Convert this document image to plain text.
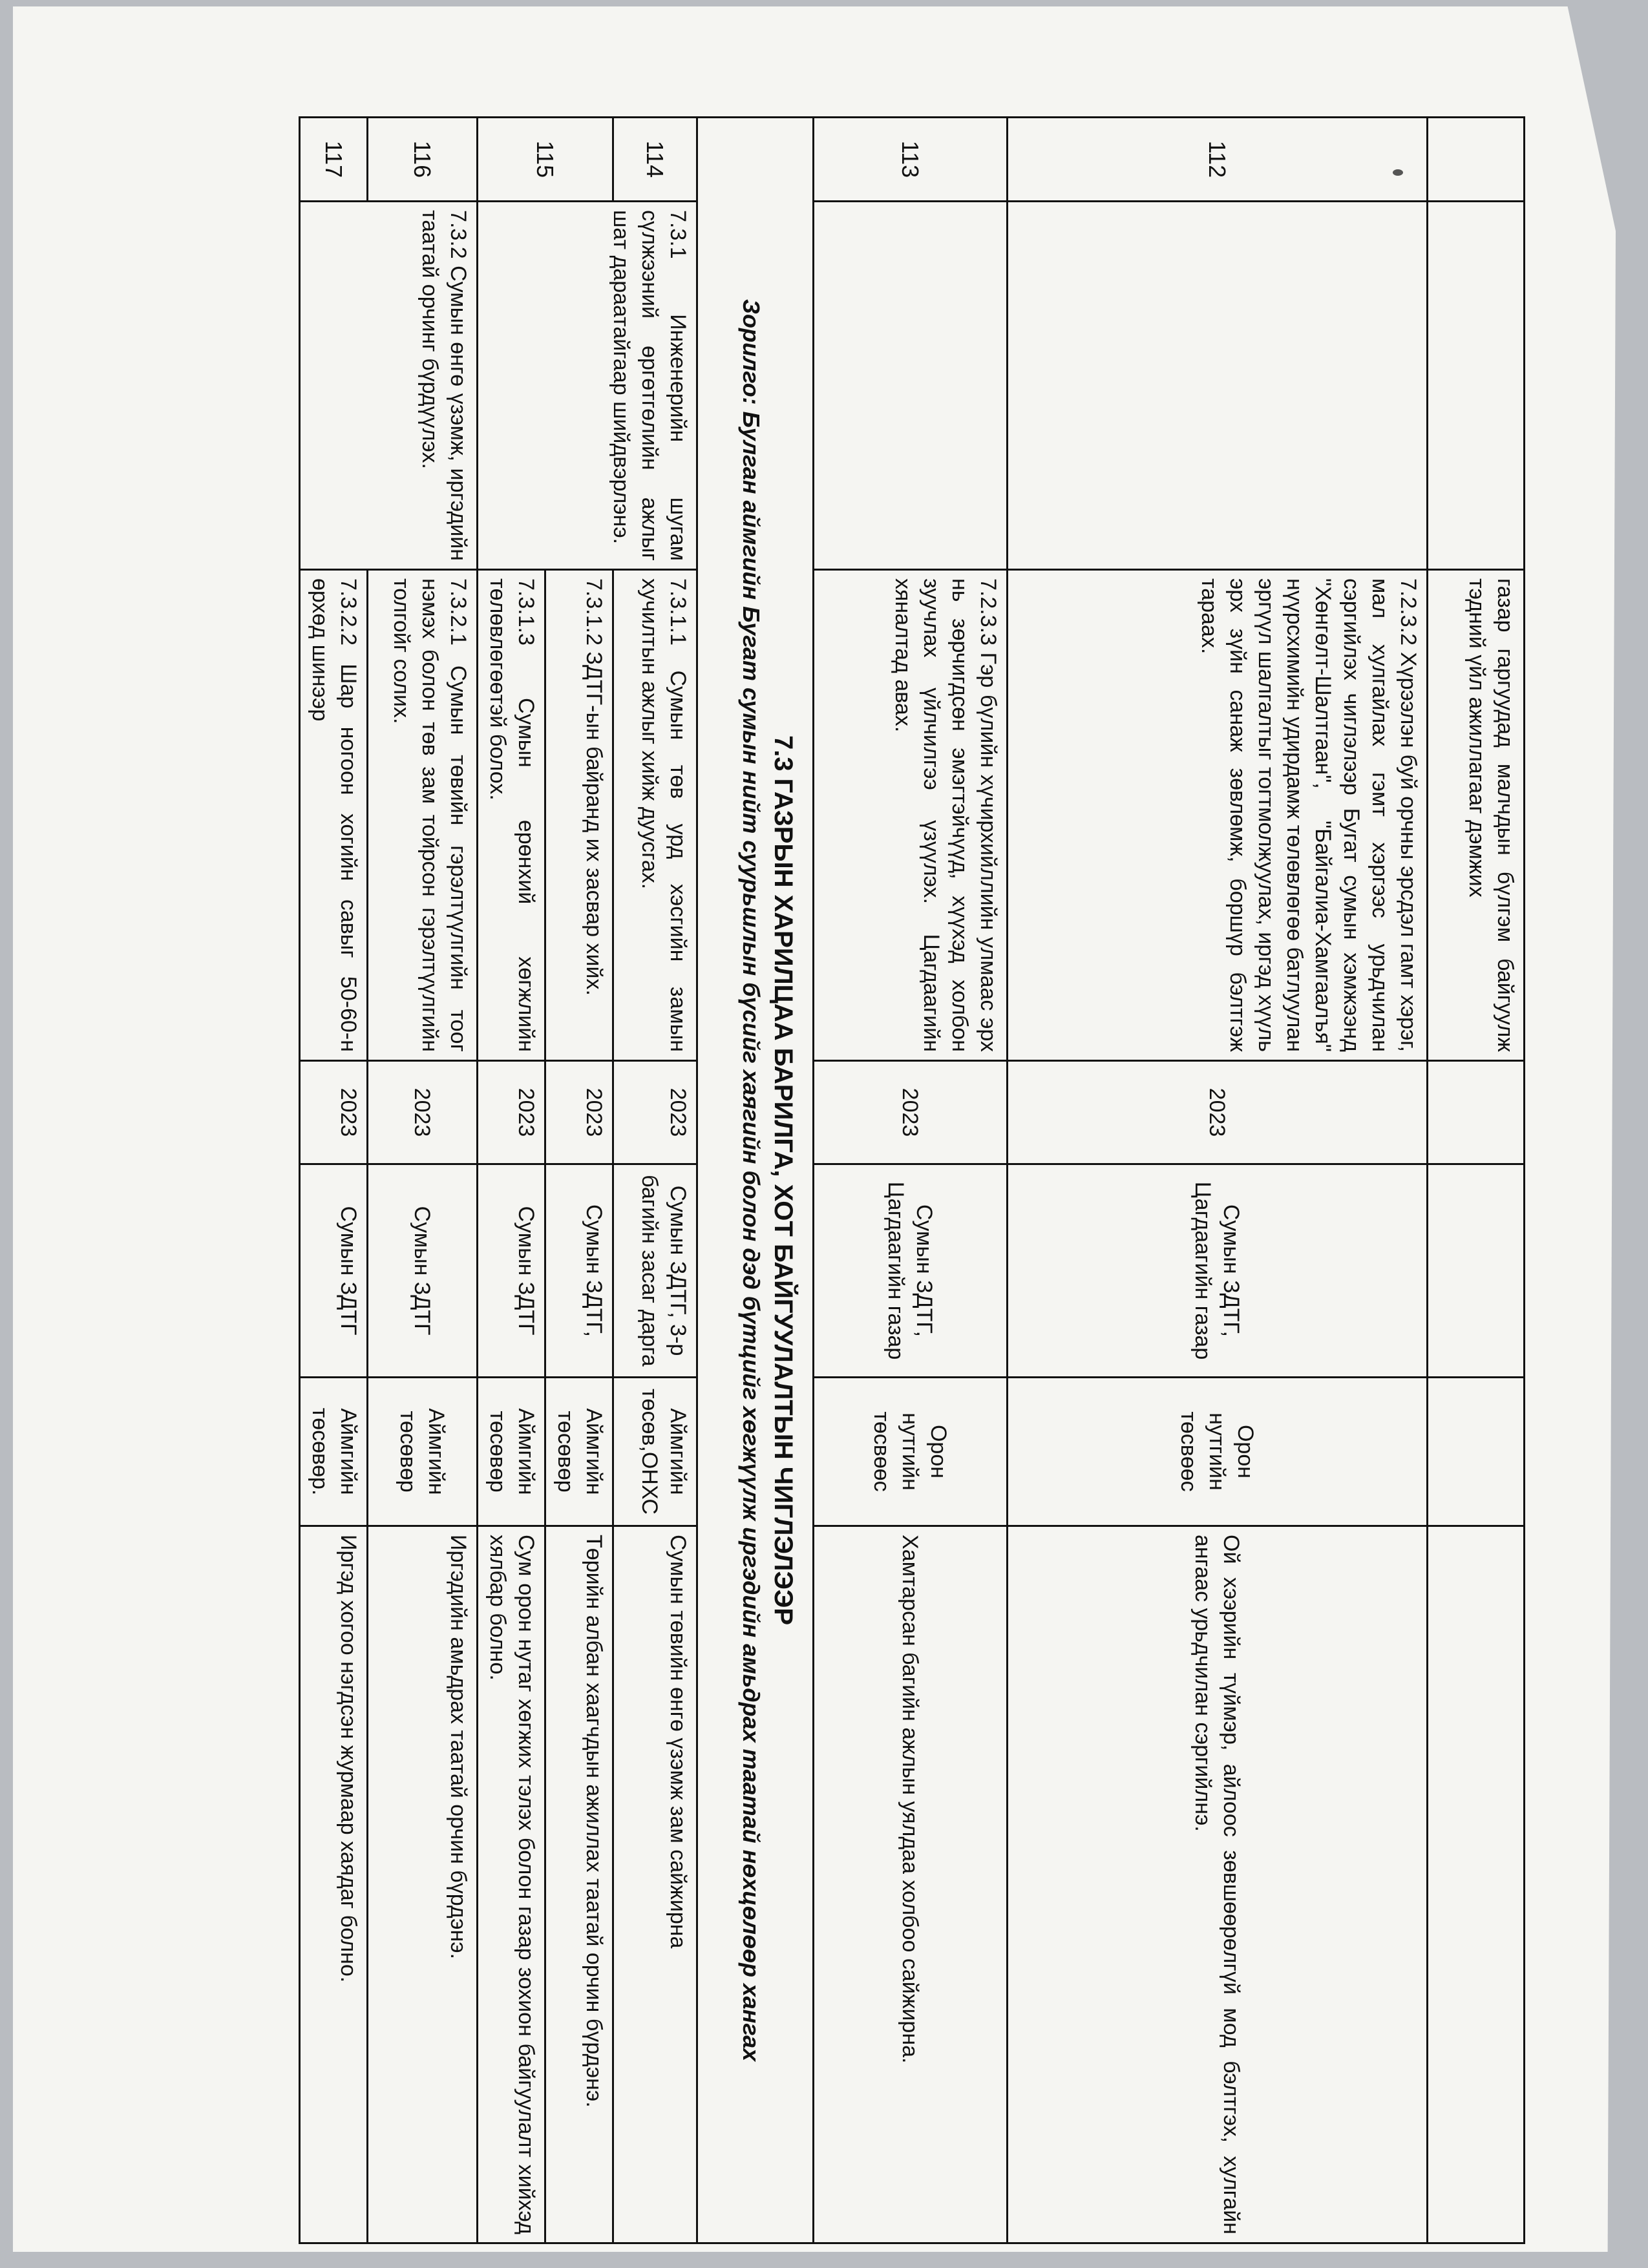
		газар гаргуудад малчдын бүлгэм байгуулж тэдний үйл ажиллагааг дэмжих				
112		7.2.3.2 Хүрээлэн буй орчны эрсдэл гамт хэрэг, мал хулгайлах гэмт хэргээс урьдчилан сэргийлэх чиглэлээр Бугат сумын хэмжээнд "Хөнгөлт-Шалтгаан", "Байгалиа-Хамгаалъя" нүүрсхимийн удирдамж төлөвлөгөө батлуулан эргүүл шалгалтыг тогтмолжуулах, иргэд хүүль эрх зүйн санаж зөвлөмж, боршүр бэлтгэж тараах.	2023	Сумын ЗДТГ, Цагдаагийн газар	Орон нутгийн төсвөөс	Ой хээрийн түймэр, айлоос зөвшөөрөлгүй мод бэлтгэх, хулгайн ангаас урьдчилан сэргийлнэ.
113		7.2.3.3 Гэр бүлийн хүчирхийллийн улмаас эрх нь зөрчигдсөн эмэгтэйчүүд, хүүхэд холбон зуучлах үйлчилгээ үзүүлэх. Цагдаагийн хяналтад авах.	2023	Сумын ЗДТГ, Цагдаагийн газар	Орон нутгийн төсвөөс	Хамтарсан багийн ажлын уялдаа холбоо сайжирна.

7.3 ГАЗРЫН ХАРИЛЦАА БАРИЛГА, ХОТ БАЙГУУЛАЛТЫН ЧИГЛЭЛЭЭР
Зорилго: Булган аймгийн Бугат сумын нийт суурьшлын бүсийг хаягийн болон дэд бүтцийг хөгжүүлж иргэдийн амьдрах таатай нөхцөлөөр хангах						

114	7.3.1 Инженерийн шугам сүлжээний өргөтгөлийн ажлыг шат дараатайгаар шийдвэрлэнэ.	7.3.1.1 Сумын төв урд хэсгийн замын хучилтын ажлыг хийж дуусгах.	2023	Сумын ЗДТГ, 3-р багийн засаг дарга	Аймгийн төсөв,ОНХС	Сумын төвийн өнгө үзэмж зам сайжирна
115		7.3.1.2 ЗДТГ-ын байранд их засвар хийх.	2023	Сумын ЗДТГ,	Аймгийн төсөвөр	Төрийн албан хаагчдын ажиллах таатай орчин бүрдэнэ.
		7.3.1.3 Сумын ерөнхий хөгжлийн төлөвлөгөөтэй болох.	2023	Сумын ЗДТГ	Аймгийн төсөвөр	Сум орон нутаг хөгжих тэлэх болон газар зохион байгуулалт хийхэд хялбар болно.
116	7.3.2 Сумын өнгө үзэмж, иргэдийн таатай орчинг бүрдүүлэх.	7.3.2.1 Сумын төвийн гэрэлтүүлгийн тоог нэмэх болон төв зам тойрсон гэрэлтүүлгийн толгойг солих.	2023	Сумын ЗДТГ	Аймгийн төсөвөр	Иргэдийн амьдрах таатай орчин бүрдэнэ.
117		7.3.2.2 Шар ногоон хогийн савыг 50-60-н өрхөд шинээр	2023	Сумын ЗДТГ	Аймгийн төсөвөр.	Иргэд хогоо нэгдсэн журмаар хаядаг болно.
